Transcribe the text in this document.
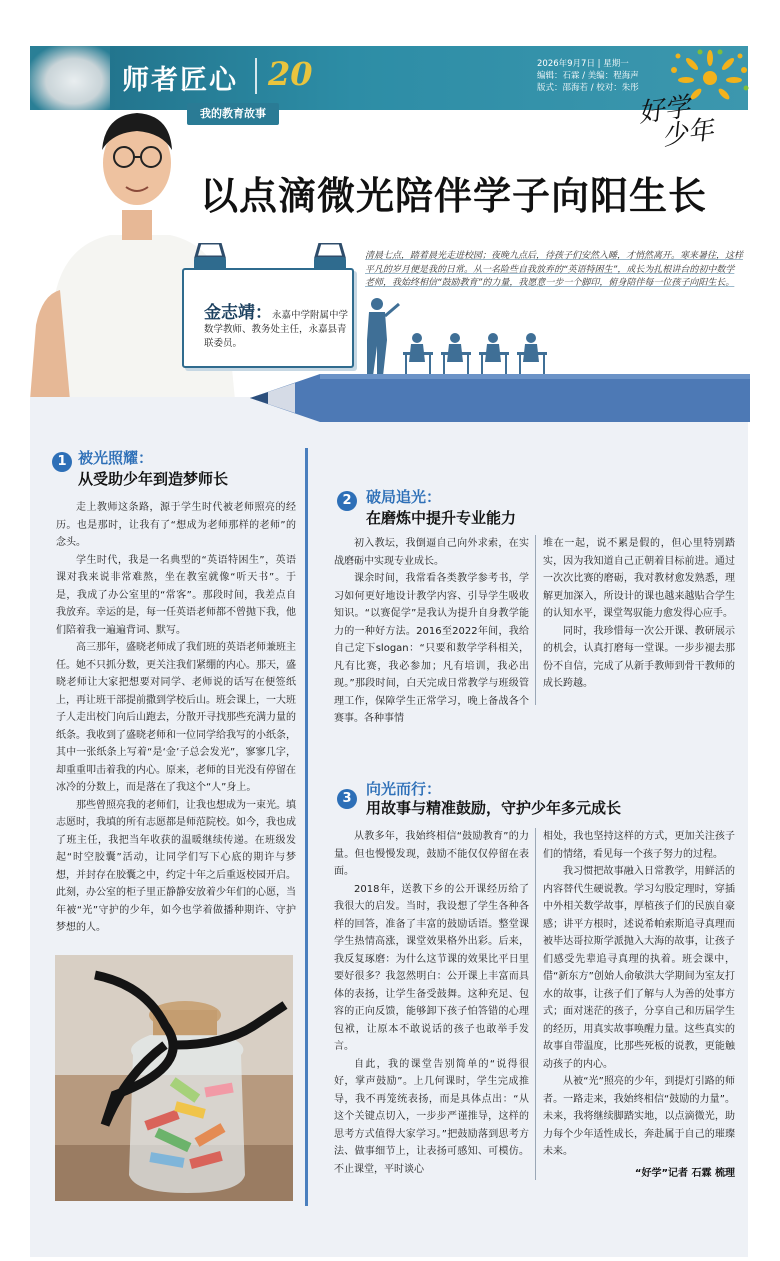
师者匠心 20	2026年9月7日 | 星期一
编辑：石霖 / 美编：程海声
版式：邵海若 / 校对：朱彤
我的教育故事	好学
少年
金志靖：永嘉中学附属中学数学教师、教务处主任，永嘉县青联委员。
以点滴微光陪伴学子向阳生长
清晨七点，踏着晨光走进校园；夜晚九点后，待孩子们安然入睡，才悄然离开。寒来暑往，这样平凡的岁月便是我的日常。从一名险些自我放弃的“英语特困生”，成长为扎根讲台的初中数学老师，我始终相信“鼓励教育”的力量，我愿意一步一个脚印，俯身陪伴每一位孩子向阳生长。
1 被光照耀：
从受助少年到造梦师长

走上教师这条路，源于学生时代被老师照亮的经历。也是那时，让我有了“想成为老师那样的老师”的念头。

学生时代，我是一名典型的“英语特困生”，英语课对我来说非常难熬，坐在教室就像“听天书”。于是，我成了办公室里的“常客”。那段时间，我差点自我放弃。幸运的是，每一任英语老师都不曾抛下我，他们陪着我一遍遍背词、默写。

高三那年，盛晓老师成了我们班的英语老师兼班主任。她不只抓分数，更关注我们紧绷的内心。那天，盛晓老师让大家把想要对同学、老师说的话写在便签纸上，再让班干部提前撒到学校后山。班会课上，一大班子人走出校门向后山跑去，分散开寻找那些充满力量的纸条。我收到了盛晓老师和一位同学给我写的小纸条，其中一张纸条上写着“是‘金’子总会发光”，寥寥几字，却重重叩击着我的内心。原来，老师的目光没有停留在冰冷的分数上，而是落在了我这个“人”身上。

那些曾照亮我的老师们，让我也想成为一束光。填志愿时，我填的所有志愿都是师范院校。如今，我也成了班主任，我把当年收获的温暖继续传递。在班级发起“时空胶囊”活动，让同学们写下心底的期许与梦想，并封存在胶囊之中，约定十年之后重返校园开启。此刻，办公室的柜子里正静静安放着少年们的心愿，当年被“光”守护的少年，如今也学着做播种期许、守护梦想的人。

2 破局追光：
在磨炼中提升专业能力

初入教坛，我倒逼自己向外求索，在实战磨砺中实现专业成长。

课余时间，我常看各类教学参考书，学习如何更好地设计教学内容、引导学生吸收知识。“以赛促学”是我认为提升自身教学能力的一种好方法。2016至2022年间，我给自己定下slogan：“只要和数学学科相关，凡有比赛，我必参加；凡有培训，我必出现。”那段时间，白天完成日常教学与班级管理工作，保障学生正常学习，晚上备战各个赛事。各种事情

堆在一起，说不累是假的，但心里特别踏实，因为我知道自己正朝着目标前进。通过一次次比赛的磨砺，我对教材愈发熟悉，理解更加深入，所设计的课也越来越贴合学生的认知水平，课堂驾驭能力愈发得心应手。

同时，我珍惜每一次公开课、教研展示的机会，认真打磨每一堂课。一步步褪去那份不自信，完成了从新手教师到骨干教师的成长跨越。

3
向光而行：
用故事与精准鼓励，守护少年多元成长

从教多年，我始终相信“鼓励教育”的力量。但也慢慢发现，鼓励不能仅仅停留在表面。

2018年，送教下乡的公开课经历给了我很大的启发。当时，我设想了学生各种各样的回答，准备了丰富的鼓励话语。整堂课学生热情高涨，课堂效果格外出彩。后来，我反复琢磨：为什么这节课的效果比平日里要好很多？我忽然明白：公开课上丰富而具体的表扬，让学生备受鼓舞。这种充足、包容的正向反馈，能够卸下孩子怕答错的心理包袱，让原本不敢说话的孩子也敢举手发言。

自此，我的课堂告别简单的“说得很好，掌声鼓励”。上几何课时，学生完成推导，我不再笼统表扬，而是具体点出：“从这个关键点切入，一步步严谨推导，这样的思考方式值得大家学习。”把鼓励落到思考方法、做事细节上，让表扬可感知、可模仿。不止课堂，平时谈心

相处，我也坚持这样的方式，更加关注孩子们的情绪，看见每一个孩子努力的过程。

我习惯把故事融入日常教学，用鲜活的内容替代生硬说教。学习勾股定理时，穿插中外相关数学故事，厚植孩子们的民族自豪感；讲平方根时，述说希帕索斯追寻真理而被毕达哥拉斯学派抛入大海的故事，让孩子们感受先辈追寻真理的执着。班会课中，借“新东方”创始人俞敏洪大学期间为室友打水的故事，让孩子们了解与人为善的处事方式；面对迷茫的孩子，分享自己和历届学生的经历，用真实故事唤醒力量。这些真实的故事自带温度，比那些死板的说教，更能触动孩子的内心。

从被“光”照亮的少年，到提灯引路的师者。一路走来，我始终相信“鼓励的力量”。未来，我将继续脚踏实地，以点滴微光，助力每个少年适性成长，奔赴属于自己的璀璨未来。

“好学”记者 石霖 梳理
